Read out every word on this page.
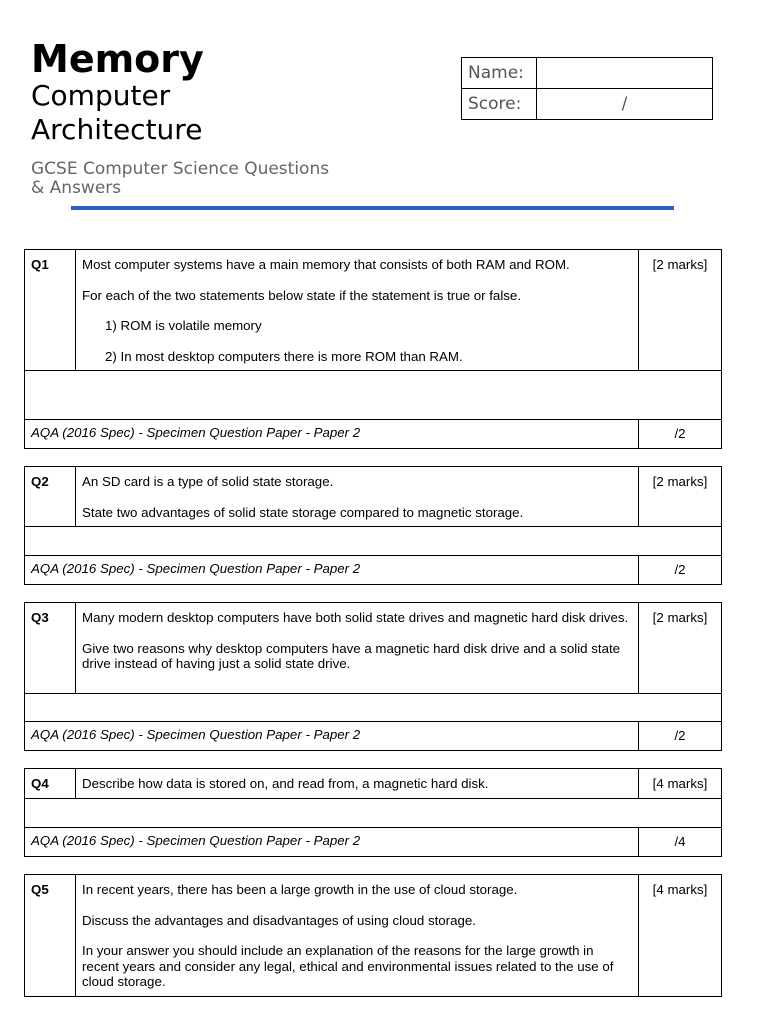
Memory
Computer
Architecture
GCSE Computer Science Questions
& Answers
Name:	
Score:	/
Q1	Most computer systems have a main memory that consists of both RAM and ROM.

For each of the two statements below state if the statement is true or false.

1) ROM is volatile memory

2) In most desktop computers there is more ROM than RAM.	[2 marks]

AQA (2016 Spec) - Specimen Question Paper - Paper 2		/2
Q2	An SD card is a type of solid state storage.

State two advantages of solid state storage compared to magnetic storage.	[2 marks]

AQA (2016 Spec) - Specimen Question Paper - Paper 2		/2
Q3	Many modern desktop computers have both solid state drives and magnetic hard disk drives.

Give two reasons why desktop computers have a magnetic hard disk drive and a solid state drive instead of having just a solid state drive.	[2 marks]

AQA (2016 Spec) - Specimen Question Paper - Paper 2		/2
Q4	Describe how data is stored on, and read from, a magnetic hard disk.	[4 marks]

AQA (2016 Spec) - Specimen Question Paper - Paper 2		/4
Q5	In recent years, there has been a large growth in the use of cloud storage.

Discuss the advantages and disadvantages of using cloud storage.

In your answer you should include an explanation of the reasons for the large growth in recent years and consider any legal, ethical and environmental issues related to the use of cloud storage.

	[4 marks]
